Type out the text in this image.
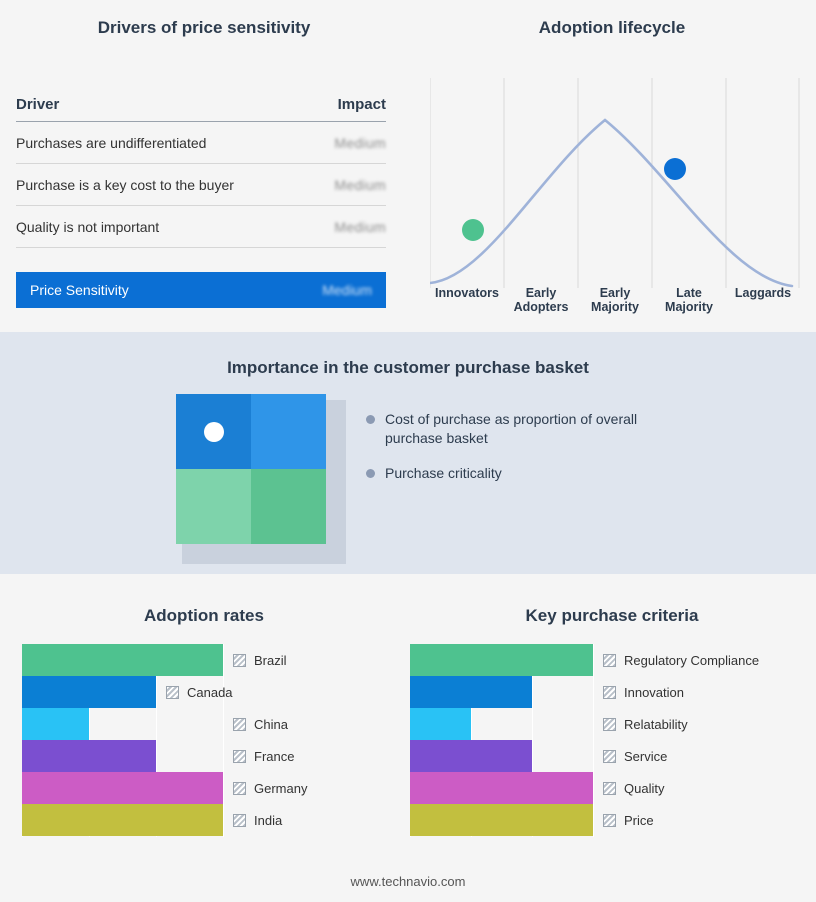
Drivers of price sensitivity
Driver	Impact
Purchases are undifferentiated	Medium
Purchase is a key cost to the buyer	Medium
Quality is not important	Medium
Price Sensitivity	Medium
Adoption lifecycle
Innovators	Early Adopters
Early Majority
Late Majority
Laggards
Importance in the customer purchase basket
Cost of purchase as proportion of overall purchase basket
Purchase criticality
Adoption rates
Brazil
Canada
China
France
Germany
India
Key purchase criteria
Regulatory Compliance
Innovation
Relatability
Service
Quality
Price
www.technavio.com
